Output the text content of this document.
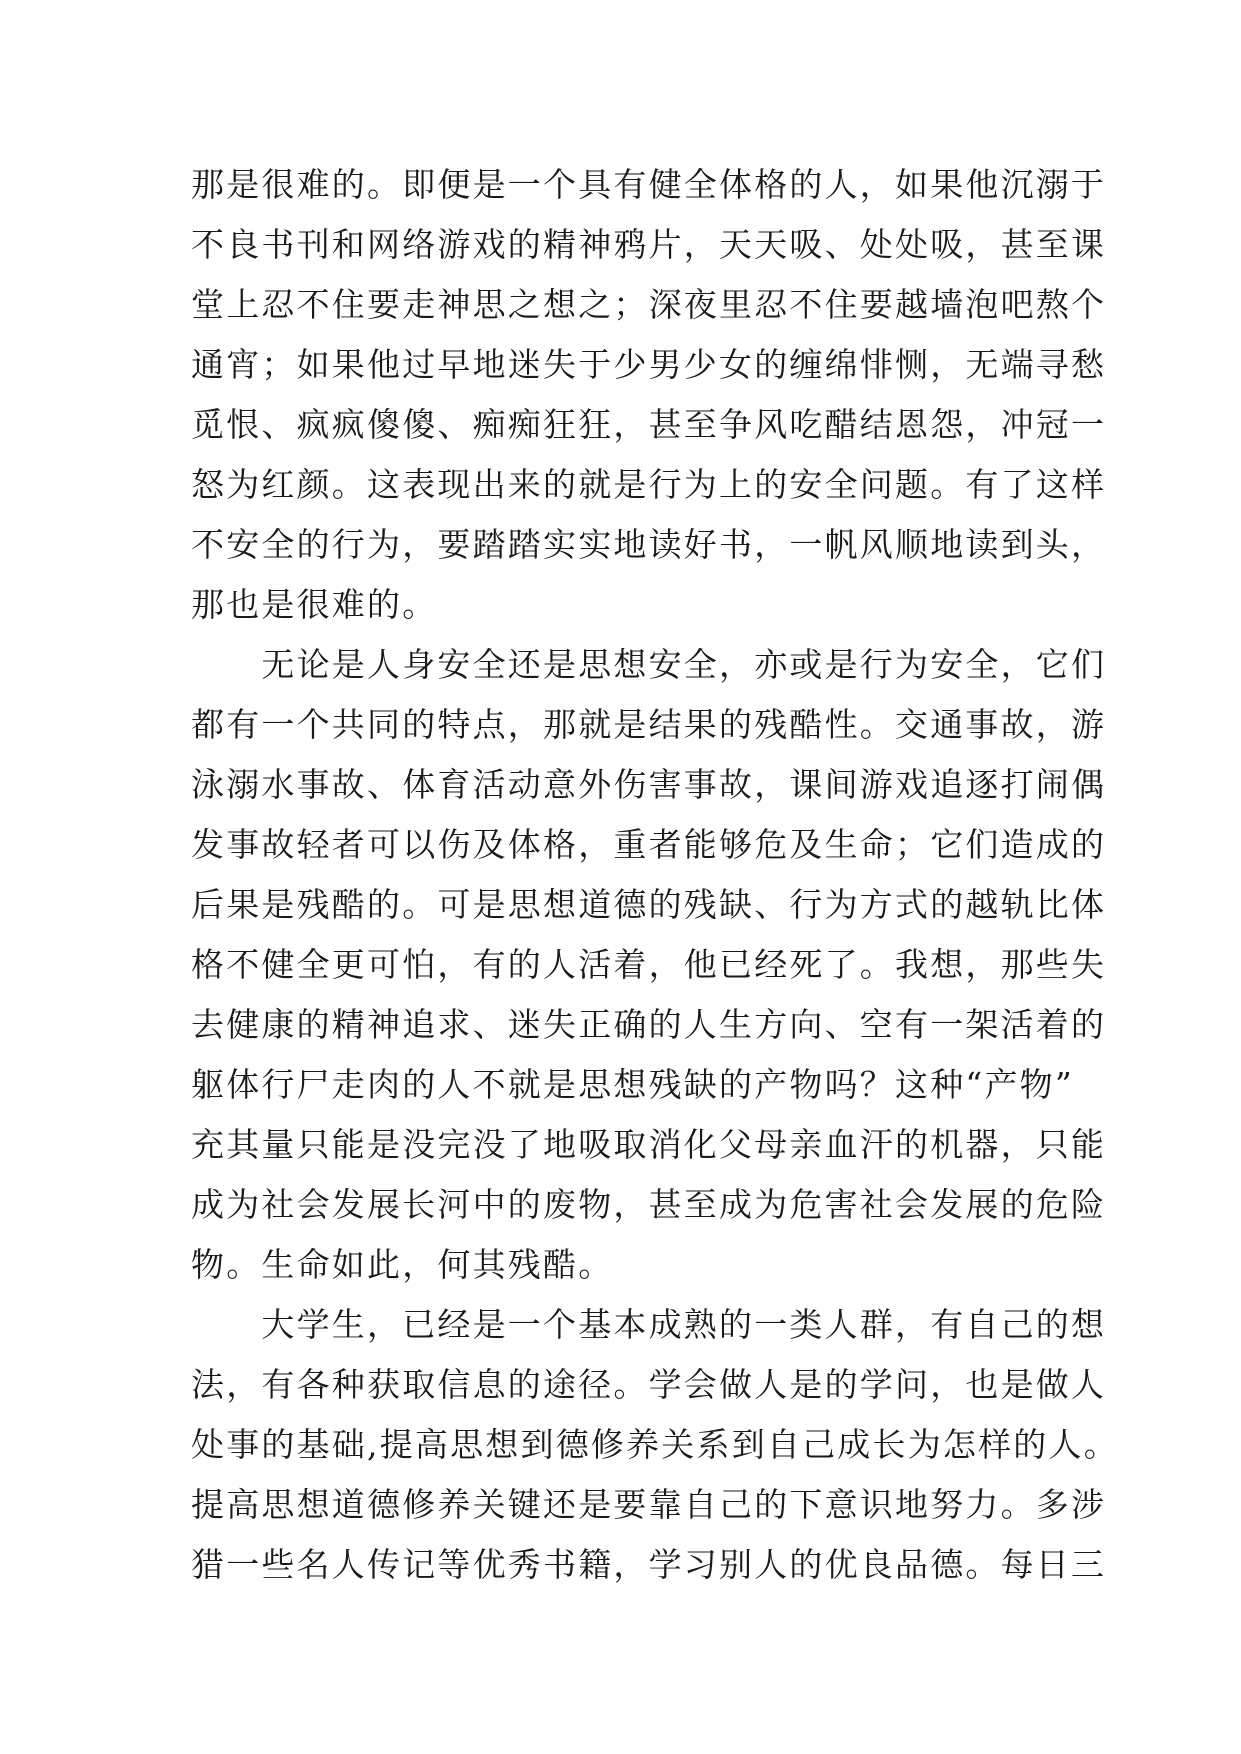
那是很难的。即便是一个具有健全体格的人，如果他沉溺于
不良书刊和网络游戏的精神鸦片，天天吸、处处吸，甚至课
堂上忍不住要走神思之想之；深夜里忍不住要越墙泡吧熬个
通宵；如果他过早地迷失于少男少女的缠绵悱恻，无端寻愁
觅恨、疯疯傻傻、痴痴狂狂，甚至争风吃醋结恩怨，冲冠一
怒为红颜。这表现出来的就是行为上的安全问题。有了这样
不安全的行为，要踏踏实实地读好书，一帆风顺地读到头，
那也是很难的。
　　无论是人身安全还是思想安全，亦或是行为安全，它们
都有一个共同的特点，那就是结果的残酷性。交通事故，游
泳溺水事故、体育活动意外伤害事故，课间游戏追逐打闹偶
发事故轻者可以伤及体格，重者能够危及生命；它们造成的
后果是残酷的。可是思想道德的残缺、行为方式的越轨比体
格不健全更可怕，有的人活着，他已经死了。我想，那些失
去健康的精神追求、迷失正确的人生方向、空有一架活着的
躯体行尸走肉的人不就是思想残缺的产物吗？这种“产物”
充其量只能是没完没了地吸取消化父母亲血汗的机器，只能
成为社会发展长河中的废物，甚至成为危害社会发展的危险
物。生命如此，何其残酷。
　　大学生，已经是一个基本成熟的一类人群，有自己的想
法，有各种获取信息的途径。学会做人是的学问，也是做人
处事的基础,提高思想到德修养关系到自己成长为怎样的人。
提高思想道德修养关键还是要靠自己的下意识地努力。多涉
猎一些名人传记等优秀书籍，学习别人的优良品德。每日三
